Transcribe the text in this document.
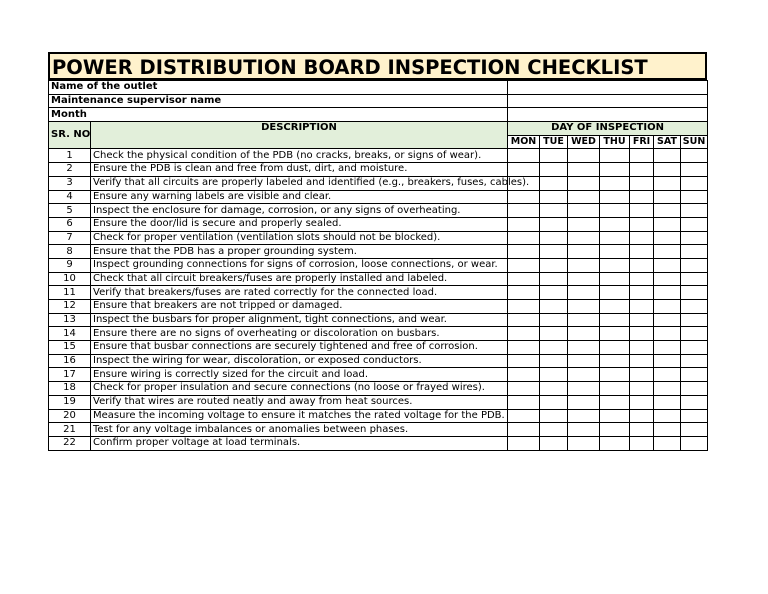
POWER DISTRIBUTION BOARD INSPECTION CHECKLIST
Name of the outlet								
Maintenance supervisor name								
Month								
SR. NO	DESCRIPTION	DAY OF INSPECTION						
		MON	TUE	WED	THU	FRI	SAT	SUN
1	Check the physical condition of the PDB (no cracks, breaks, or signs of wear).							
2	Ensure the PDB is clean and free from dust, dirt, and moisture.							
3	Verify that all circuits are properly labeled and identified (e.g., breakers, fuses, cables).							
4	Ensure any warning labels are visible and clear.							
5	Inspect the enclosure for damage, corrosion, or any signs of overheating.							
6	Ensure the door/lid is secure and properly sealed.							
7	Check for proper ventilation (ventilation slots should not be blocked).							
8	Ensure that the PDB has a proper grounding system.							
9	Inspect grounding connections for signs of corrosion, loose connections, or wear.							
10	Check that all circuit breakers/fuses are properly installed and labeled.							
11	Verify that breakers/fuses are rated correctly for the connected load.							
12	Ensure that breakers are not tripped or damaged.							
13	Inspect the busbars for proper alignment, tight connections, and wear.							
14	Ensure there are no signs of overheating or discoloration on busbars.							
15	Ensure that busbar connections are securely tightened and free of corrosion.							
16	Inspect the wiring for wear, discoloration, or exposed conductors.							
17	Ensure wiring is correctly sized for the circuit and load.							
18	Check for proper insulation and secure connections (no loose or frayed wires).							
19	Verify that wires are routed neatly and away from heat sources.							
20	Measure the incoming voltage to ensure it matches the rated voltage for the PDB.							
21	Test for any voltage imbalances or anomalies between phases.							
22	Confirm proper voltage at load terminals.							
